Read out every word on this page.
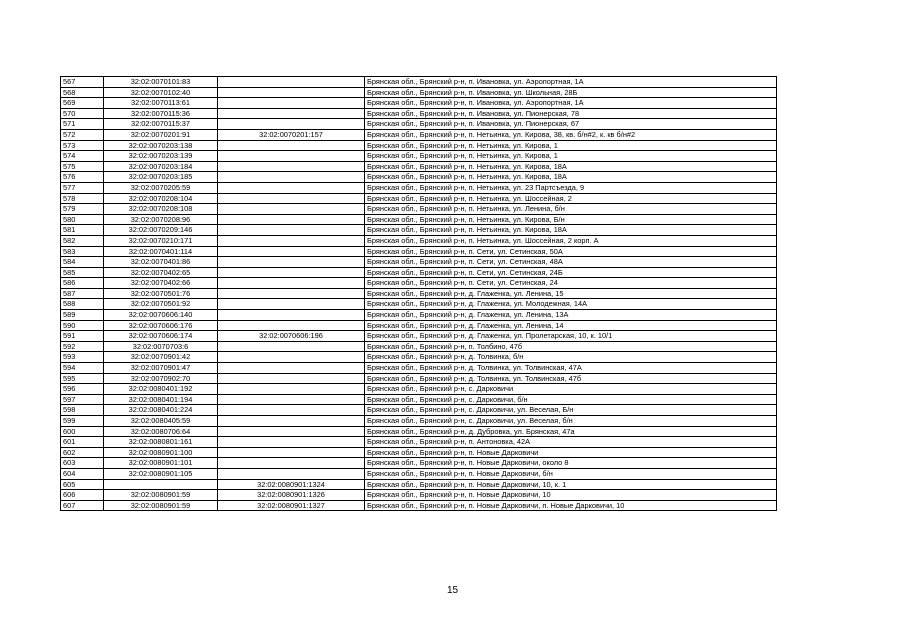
567	32:02:0070101:83		Брянская обл., Брянский р-н, п. Ивановка, ул. Аэропортная, 1А
568	32:02:0070102:40		Брянская обл., Брянский р-н, п. Ивановка, ул. Школьная, 28Б
569	32:02:0070113:61		Брянская обл., Брянский р-н, п. Ивановка, ул. Аэропортная, 1А
570	32:02:0070115:36		Брянская обл., Брянский р-н, п. Ивановка, ул. Пионерская, 78
571	32:02:0070115:37		Брянская обл., Брянский р-н, п. Ивановка, ул. Пионерская, 67
572	32:02:0070201:91	32:02:0070201:157	Брянская обл., Брянский р-н, п. Нетьинка, ул. Кирова, 38, кв. б/н#2, к. кв б/н#2
573	32:02:0070203:138		Брянская обл., Брянский р-н, п. Нетьинка, ул. Кирова, 1
574	32:02:0070203:139		Брянская обл., Брянский р-н, п. Нетьинка, ул. Кирова, 1
575	32:02:0070203:184		Брянская обл., Брянский р-н, п. Нетьинка, ул. Кирова, 18А
576	32:02:0070203:185		Брянская обл., Брянский р-н, п. Нетьинка, ул. Кирова, 18А
577	32:02:0070205:59		Брянская обл., Брянский р-н, п. Нетьинка, ул. 23 Партсъезда, 9
578	32:02:0070208:104		Брянская обл., Брянский р-н, п. Нетьинка, ул. Шоссейная, 2
579	32:02:0070208:108		Брянская обл., Брянский р-н, п. Нетьинка, ул. Ленина, б/н
580	32:02:0070208:96		Брянская обл., Брянский р-н, п. Нетьинка, ул. Кирова, Б/н
581	32:02:0070209:146		Брянская обл., Брянский р-н, п. Нетьинка, ул. Кирова, 18А
582	32:02:0070210:171		Брянская обл., Брянский р-н, п. Нетьинка, ул. Шоссейная, 2 корп. А
583	32:02:0070401:114		Брянская обл., Брянский р-н, п. Сети, ул. Сетинская, 50А
584	32:02:0070401:86		Брянская обл., Брянский р-н, п. Сети, ул. Сетинская, 48А
585	32:02:0070402:65		Брянская обл., Брянский р-н, п. Сети, ул. Сетинская, 24Б
586	32:02:0070402:66		Брянская обл., Брянский р-н, п. Сети, ул. Сетинская, 24
587	32:02:0070501:76		Брянская обл., Брянский р-н, д. Глаженка, ул. Ленина, 15
588	32:02:0070501:92		Брянская обл., Брянский р-н, д. Глаженка, ул. Молодежная, 14А
589	32:02:0070606:140		Брянская обл., Брянский р-н, д. Глаженка, ул. Ленина, 13А
590	32:02:0070606:176		Брянская обл., Брянский р-н, д. Глаженка, ул. Ленина, 14
591	32:02:0070606:174	32:02:0070606:196	Брянская обл., Брянский р-н, д. Глаженка, ул. Пролетарская, 10, к. 10/1
592	32:02:0070703:6		Брянская обл., Брянский р-н, п. Толбино, 47б
593	32:02:0070901:42		Брянская обл., Брянский р-н, д. Толвинка, б/н
594	32:02:0070901:47		Брянская обл., Брянский р-н, д. Толвинка, ул. Толвинская, 47А
595	32:02:0070902:70		Брянская обл., Брянский р-н, д. Толвинка, ул. Толвинская, 47б
596	32:02:0080401:192		Брянская обл., Брянский р-н, с. Дарковичи
597	32:02:0080401:194		Брянская обл., Брянский р-н, с. Дарковичи, б/н
598	32:02:0080401:224		Брянская обл., Брянский р-н, с. Дарковичи, ул. Веселая, Б/н
599	32:02:0080405:59		Брянская обл., Брянский р-н, с. Дарковичи, ул. Веселая, б/н
600	32:02:0080706:64		Брянская обл., Брянский р-н, д. Дубровка, ул. Брянская, 47а
601	32:02:0080801:161		Брянская обл., Брянский р-н, п. Антоновка, 42А
602	32:02:0080901:100		Брянская обл., Брянский р-н, п. Новые Дарковичи
603	32:02:0080901:101		Брянская обл., Брянский р-н, п. Новые Дарковичи, около 8
604	32:02:0080901:105		Брянская обл., Брянский р-н, п. Новые Дарковичи, б/н
605		32:02:0080901:1324	Брянская обл., Брянский р-н, п. Новые Дарковичи, 10, к. 1
606	32:02:0080901:59	32:02:0080901:1326	Брянская обл., Брянский р-н, п. Новые Дарковичи, 10
607	32:02:0080901:59	32:02:0080901:1327	Брянская обл., Брянский р-н, п. Новые Дарковичи, п. Новые Дарковичи, 10
15
